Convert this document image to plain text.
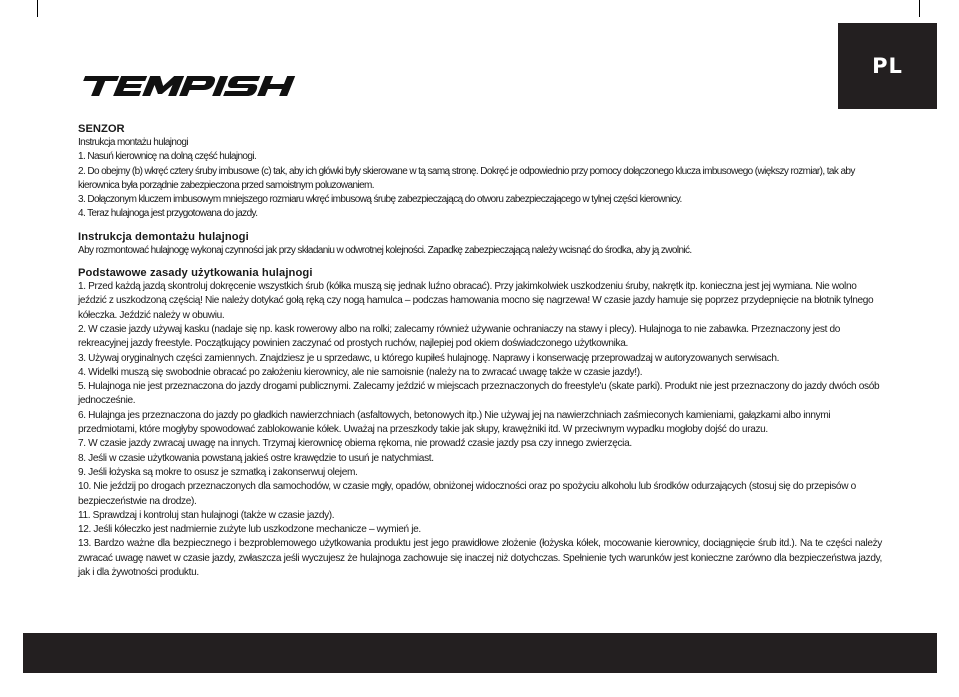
PL

SENZOR

Instrukcja montażu hulajnogi

1. Nasuń kierownicę na dolną część hulajnogi.

2. Do obejmy (b) wkręć cztery śruby imbusowe (c) tak, aby ich główki były skierowane w tą samą stronę. Dokręć je odpowiednio przy pomocy dołączonego klucza imbusowego (większy rozmiar), tak aby kierownica była porządnie zabezpieczona przed samoistnym poluzowaniem.

3. Dołączonym kluczem imbusowym mniejszego rozmiaru wkręć imbusową śrubę zabezpieczającą do otworu zabezpieczającego w tylnej części kierownicy.

4. Teraz hulajnoga jest przygotowana do jazdy.

Instrukcja demontażu hulajnogi

Aby rozmontować hulajnogę wykonaj czynności jak przy składaniu w odwrotnej kolejności. Zapadkę zabezpieczającą należy wcisnąć do środka, aby ją zwolnić.

Podstawowe zasady użytkowania hulajnogi

1. Przed każdą jazdą skontroluj dokręcenie wszystkich śrub (kółka muszą się jednak luźno obracać). Przy jakimkolwiek uszkodzeniu śruby, nakrętk itp. konieczna jest jej wymiana. Nie wolno jeździć z uszkodzoną częścią! Nie należy dotykać gołą ręką czy nogą hamulca – podczas hamowania mocno się nagrzewa! W czasie jazdy hamuje się poprzez przydepnięcie na błotnik tylnego kółeczka. Jeździć należy w obuwiu.

2. W czasie jazdy używaj kasku (nadaje się np. kask rowerowy albo na rolki; zalecamy również używanie ochraniaczy na stawy i plecy). Hulajnoga to nie zabawka. Przeznaczony jest do rekreacyjnej jazdy freestyle. Początkujący powinien zaczynać od prostych ruchów, najlepiej pod okiem doświadczonego użytkownika.

3. Używaj oryginalnych części zamiennych. Znajdziesz je u sprzedawc, u którego kupiłeś hulajnogę. Naprawy i konserwację przeprowadzaj w autoryzowanych serwisach.

4. Widelki muszą się swobodnie obracać po założeniu kierownicy, ale nie samoisnie (należy na to zwracać uwagę także w czasie jazdy!).

5. Hulajnoga nie jest przeznaczona do jazdy drogami publicznymi. Zalecamy jeździć w miejscach przeznaczonych do freestyle'u (skate parki). Produkt nie jest przeznaczony do jazdy dwóch osób jednocześnie.

6. Hulajnga jes przeznaczona do jazdy po gładkich nawierzchniach (asfaltowych, betonowych itp.) Nie używaj jej na nawierzchniach zaśmieconych kamieniami, gałązkami albo innymi przedmiotami, które mogłyby spowodować zablokowanie kółek. Uważaj na przeszkody takie jak słupy, krawężniki itd. W przeciwnym wypadku mogłoby dojść do urazu.

7. W czasie jazdy zwracaj uwagę na innych. Trzymaj kierownicę obiema rękoma, nie prowadź czasie jazdy psa czy innego zwierzęcia.

8. Jeśli w czasie użytkowania powstaną jakieś ostre krawędzie to usuń je natychmiast.

9. Jeśli łożyska są mokre to osusz je szmatką i zakonserwuj olejem.

10. Nie jeździj po drogach przeznaczonych dla samochodów, w czasie mgły, opadów, obniżonej widoczności oraz po spożyciu alkoholu lub środków odurzających (stosuj się do przepisów o bezpieczeństwie na drodze).

11. Sprawdzaj i kontroluj stan hulajnogi (także w czasie jazdy).

12. Jeśli kółeczko jest nadmiernie zużyte lub uszkodzone mechanicze – wymień je.

13. Bardzo ważne dla bezpiecznego i bezproblemowego użytkowania produktu jest jego prawidłowe złożenie (łożyska kółek, mocowanie kierownicy, dociągnięcie śrub itd.). Na te części należy zwracać uwagę nawet w czasie jazdy, zwłaszcza jeśli wyczujesz że hulajnoga zachowuje się inaczej niż dotychczas. Spełnienie tych warunków jest konieczne zarówno dla bezpieczeństwa jazdy, jak i dla żywotności produktu.
